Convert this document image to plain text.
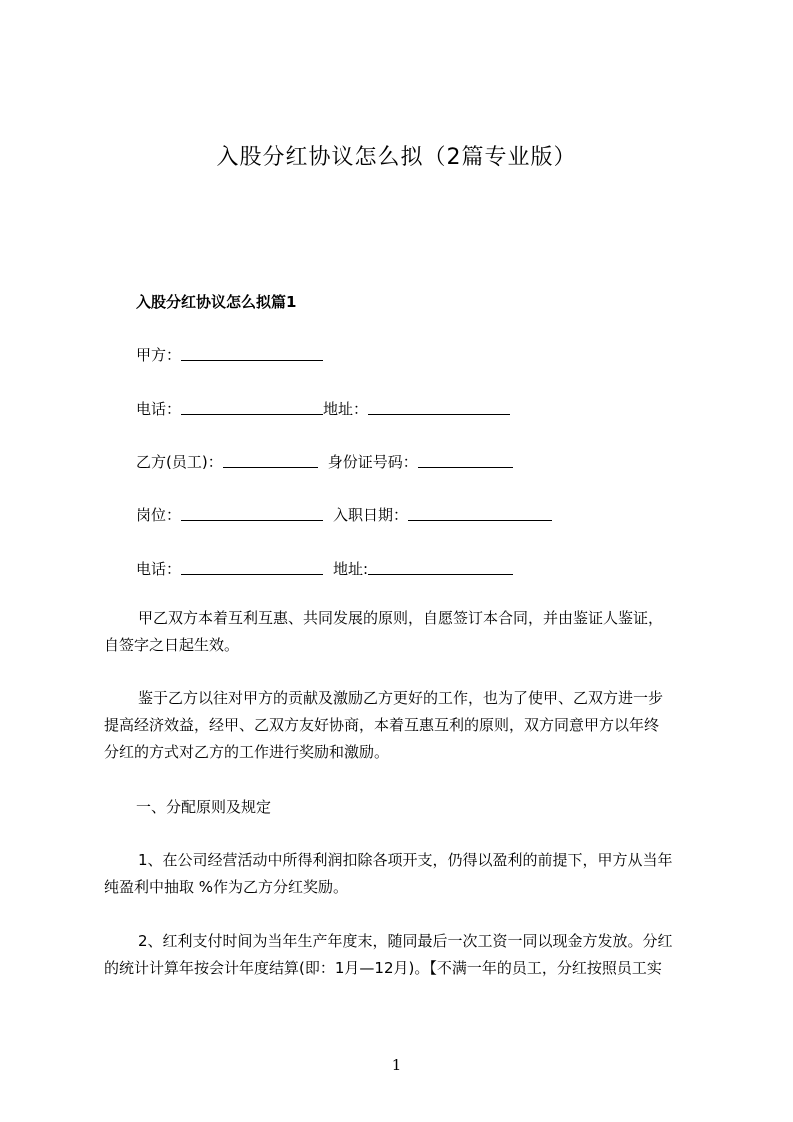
入股分红协议怎么拟（2篇专业版）
入股分红协议怎么拟篇1
甲方：
电话：	地址：
乙方(员工)：	身份证号码：
岗位：	入职日期：
电话：	地址:
甲乙双方本着互利互惠、共同发展的原则，自愿签订本合同，并由鉴证人鉴证，
自签字之日起生效。
鉴于乙方以往对甲方的贡献及激励乙方更好的工作，也为了使甲、乙双方进一步
提高经济效益，经甲、乙双方友好协商，本着互惠互利的原则，双方同意甲方以年终
分红的方式对乙方的工作进行奖励和激励。
一、分配原则及规定
1、在公司经营活动中所得利润扣除各项开支，仍得以盈利的前提下，甲方从当年
纯盈利中抽取 %作为乙方分红奖励。
2、红利支付时间为当年生产年度末，随同最后一次工资一同以现金方发放。分红
的统计计算年按会计年度结算(即：1月—12月)。【不满一年的员工，分红按照员工实
1
